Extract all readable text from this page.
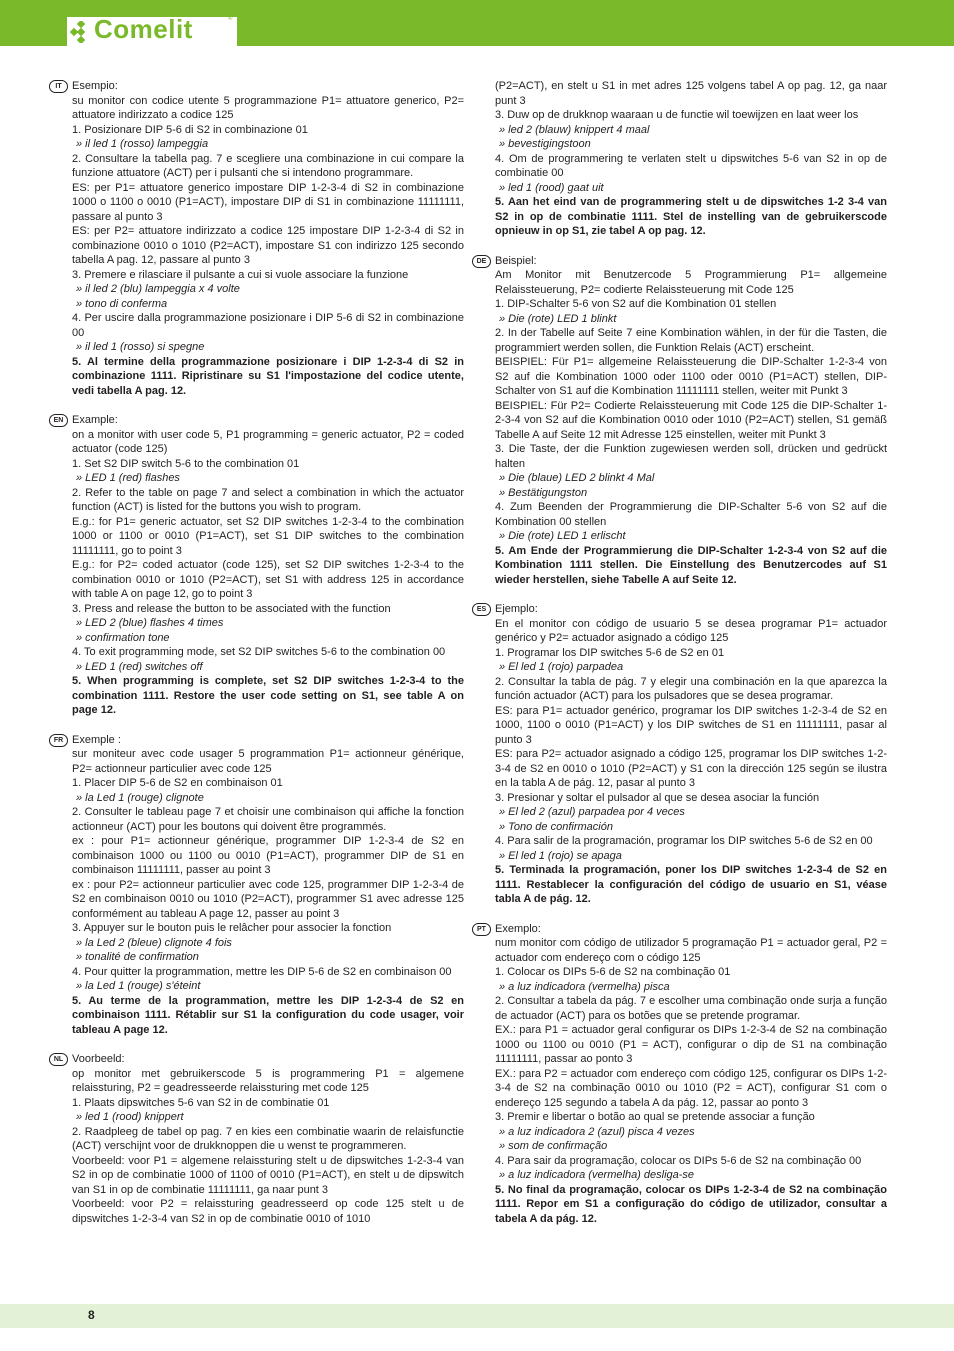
Comelit	®
IT Esempio:
su monitor con codice utente 5 programmazione P1= attuatore generico, P2= attuatore indirizzato a codice 125
1. Posizionare DIP 5-6 di S2 in combinazione 01
» il led 1 (rosso) lampeggia
2. Consultare la tabella pag. 7 e scegliere una combinazione in cui compare la funzione attuatore (ACT) per i pulsanti che si intendono programmare.
ES: per P1= attuatore generico impostare DIP 1-2-3-4 di S2 in combinazione 1000 o 1100 o 0010 (P1=ACT), impostare DIP di S1 in combinazione 11111111, passare al punto 3
ES: per P2= attuatore indirizzato a codice 125 impostare DIP 1-2-3-4 di S2 in combinazione 0010 o 1010 (P2=ACT), impostare S1 con indirizzo 125 secondo tabella A pag. 12, passare al punto 3
3. Premere e rilasciare il pulsante a cui si vuole associare la funzione
» il led 2 (blu) lampeggia x 4 volte
» tono di conferma
4. Per uscire dalla programmazione posizionare i DIP 5-6 di S2 in combinazione 00
» il led 1 (rosso) si spegne
5. Al termine della programmazione posizionare i DIP 1-2-3-4 di S2 in combinazione 1111. Ripristinare su S1 l'impostazione del codice utente, vedi tabella A pag. 12.
EN Example:
on a monitor with user code 5, P1 programming = generic actuator, P2 = coded actuator (code 125)
1. Set S2 DIP switch 5-6 to the combination 01
» LED 1 (red) flashes
2. Refer to the table on page 7 and select a combination in which the actuator function (ACT) is listed for the buttons you wish to program.
E.g.: for P1= generic actuator, set S2 DIP switches 1-2-3-4 to the combination 1000 or 1100 or 0010 (P1=ACT), set S1 DIP switches to the combination 11111111, go to point 3
E.g.: for P2= coded actuator (code 125), set S2 DIP switches 1-2-3-4 to the combination 0010 or 1010 (P2=ACT), set S1 with address 125 in accordance with table A on page 12, go to point 3
3. Press and release the button to be associated with the function
» LED 2 (blue) flashes 4 times
» confirmation tone
4. To exit programming mode, set S2 DIP switches 5-6 to the combination 00
» LED 1 (red) switches off
5. When programming is complete, set S2 DIP switches 1-2-3-4 to the combination 1111. Restore the user code setting on S1, see table A on page 12.
FR Exemple :
sur moniteur avec code usager 5 programmation P1= actionneur générique, P2= actionneur particulier avec code 125
1. Placer DIP 5-6 de S2 en combinaison 01
» la Led 1 (rouge) clignote
2. Consulter le tableau page 7 et choisir une combinaison qui affiche la fonction actionneur (ACT) pour les boutons qui doivent être programmés.
ex : pour P1= actionneur générique, programmer DIP 1-2-3-4 de S2 en combinaison 1000 ou 1100 ou 0010 (P1=ACT), programmer DIP de S1 en combinaison 11111111, passer au point 3
ex : pour P2= actionneur particulier avec code 125, programmer DIP 1-2-3-4 de S2 en combinaison 0010 ou 1010 (P2=ACT), programmer S1 avec adresse 125 conformément au tableau A page 12, passer au point 3
3. Appuyer sur le bouton puis le relâcher pour associer la fonction
» la Led 2 (bleue) clignote 4 fois
» tonalité de confirmation
4. Pour quitter la programmation, mettre les DIP 5-6 de S2 en combinaison 00
» la Led 1 (rouge) s'éteint
5. Au terme de la programmation, mettre les DIP 1-2-3-4 de S2 en combinaison 1111. Rétablir sur S1 la configuration du code usager, voir tableau A page 12.
NL Voorbeeld:
op monitor met gebruikerscode 5 is programmering P1 = algemene relaissturing, P2 = geadresseerde relaissturing met code 125
1. Plaats dipswitches 5-6 van S2 in de combinatie 01
» led 1 (rood) knippert
2. Raadpleeg de tabel op pag. 7 en kies een combinatie waarin de relaisfunctie (ACT) verschijnt voor de drukknoppen die u wenst te programmeren.
Voorbeeld: voor P1 = algemene relaissturing stelt u de dipswitches 1-2-3-4 van S2 in op de combinatie 1000 of 1100 of 0010 (P1=ACT), en stelt u de dipswitch van S1 in op de combinatie 11111111, ga naar punt 3
Voorbeeld: voor P2 = relaissturing geadresseerd op code 125 stelt u de dipswitches 1-2-3-4 van S2 in op de combinatie 0010 of 1010
(P2=ACT), en stelt u S1 in met adres 125 volgens tabel A op pag. 12, ga naar punt 3
3. Duw op de drukknop waaraan u de functie wil toewijzen en laat weer los
» led 2 (blauw) knippert 4 maal
» bevestigingstoon
4. Om de programmering te verlaten stelt u dipswitches 5-6 van S2 in op de combinatie 00
» led 1 (rood) gaat uit
5. Aan het eind van de programmering stelt u de dipswitches 1-2 3-4 van S2 in op de combinatie 1111. Stel de instelling van de gebruikerscode opnieuw in op S1, zie tabel A op pag. 12.
DE Beispiel:
Am Monitor mit Benutzercode 5 Programmierung P1= allgemeine Relaissteuerung, P2= codierte Relaissteuerung mit Code 125
1. DIP-Schalter 5-6 von S2 auf die Kombination 01 stellen
» Die (rote) LED 1 blinkt
2. In der Tabelle auf Seite 7 eine Kombination wählen, in der für die Tasten, die programmiert werden sollen, die Funktion Relais (ACT) erscheint.
BEISPIEL: Für P1= allgemeine Relaissteuerung die DIP-Schalter 1-2-3-4 von S2 auf die Kombination 1000 oder 1100 oder 0010 (P1=ACT) stellen, DIP-Schalter von S1 auf die Kombination 11111111 stellen, weiter mit Punkt 3
BEISPIEL: Für P2= Codierte Relaissteuerung mit Code 125 die DIP-Schalter 1-2-3-4 von S2 auf die Kombination 0010 oder 1010 (P2=ACT) stellen, S1 gemäß Tabelle A auf Seite 12 mit Adresse 125 einstellen, weiter mit Punkt 3
3. Die Taste, der die Funktion zugewiesen werden soll, drücken und gedrückt halten
» Die (blaue) LED 2 blinkt 4 Mal
» Bestätigungston
4. Zum Beenden der Programmierung die DIP-Schalter 5-6 von S2 auf die Kombination 00 stellen
» Die (rote) LED 1 erlischt
5. Am Ende der Programmierung die DIP-Schalter 1-2-3-4 von S2 auf die Kombination 1111 stellen. Die Einstellung des Benutzercodes auf S1 wieder herstellen, siehe Tabelle A auf Seite 12.
ES Ejemplo:
En el monitor con código de usuario 5 se desea programar P1= actuador genérico y P2= actuador asignado a código 125
1. Programar los DIP switches 5-6 de S2 en 01
» El led 1 (rojo) parpadea
2. Consultar la tabla de pág. 7 y elegir una combinación en la que aparezca la función actuador (ACT) para los pulsadores que se desea programar.
ES: para P1= actuador genérico, programar los DIP switches 1-2-3-4 de S2 en 1000, 1100 o 0010 (P1=ACT) y los DIP switches de S1 en 11111111, pasar al punto 3
ES: para P2= actuador asignado a código 125, programar los DIP switches 1-2-3-4 de S2 en 0010 o 1010 (P2=ACT) y S1 con la dirección 125 según se ilustra en la tabla A de pág. 12, pasar al punto 3
3. Presionar y soltar el pulsador al que se desea asociar la función
» El led 2 (azul) parpadea por 4 veces
» Tono de confirmación
4. Para salir de la programación, programar los DIP switches 5-6 de S2 en 00
» El led 1 (rojo) se apaga
5. Terminada la programación, poner los DIP switches 1-2-3-4 de S2 en 1111. Restablecer la configuración del código de usuario en S1, véase tabla A de pág. 12.
PT Exemplo:
num monitor com código de utilizador 5 programação P1 = actuador geral, P2 = actuador com endereço com o código 125
1. Colocar os DIPs 5-6 de S2 na combinação 01
» a luz indicadora (vermelha) pisca
2. Consultar a tabela da pág. 7 e escolher uma combinação onde surja a função de actuador (ACT) para os botões que se pretende programar.
EX.: para P1 = actuador geral configurar os DIPs 1-2-3-4 de S2 na combinação 1000 ou 1100 ou 0010 (P1 = ACT), configurar o dip de S1 na combinação 11111111, passar ao ponto 3
EX.: para P2 = actuador com endereço com código 125, configurar os DIPs 1-2-3-4 de S2 na combinação 0010 ou 1010 (P2 = ACT), configurar S1 com o endereço 125 segundo a tabela A da pág. 12, passar ao ponto 3
3. Premir e libertar o botão ao qual se pretende associar a função
» a luz indicadora 2 (azul) pisca 4 vezes
» som de confirmação
4. Para sair da programação, colocar os DIPs 5-6 de S2 na combinação 00
» a luz indicadora (vermelha) desliga-se
5. No final da programação, colocar os DIPs 1-2-3-4 de S2 na combinação 1111. Repor em S1 a configuração do código de utilizador, consultar a tabela A da pág. 12.
8
